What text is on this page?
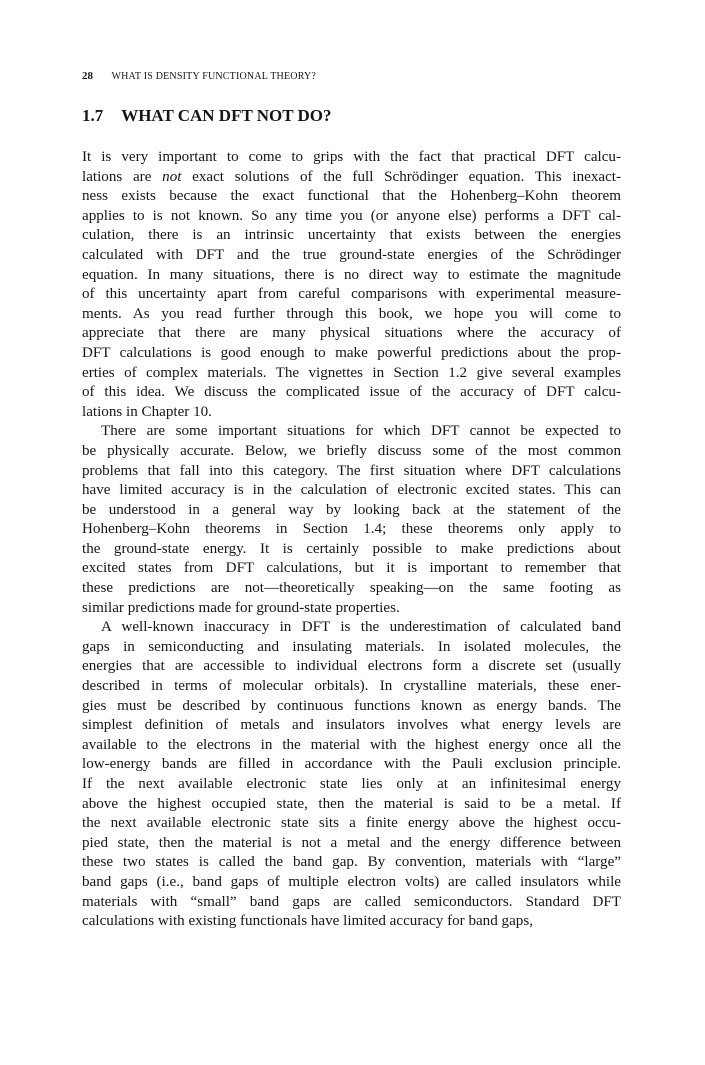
28 WHAT IS DENSITY FUNCTIONAL THEORY?
1.7 WHAT CAN DFT NOT DO?
It is very important to come to grips with the fact that practical DFT calcu-
lations are not exact solutions of the full Schrödinger equation. This inexact-
ness exists because the exact functional that the Hohenberg–Kohn theorem
applies to is not known. So any time you (or anyone else) performs a DFT cal-
culation, there is an intrinsic uncertainty that exists between the energies
calculated with DFT and the true ground-state energies of the Schrödinger
equation. In many situations, there is no direct way to estimate the magnitude
of this uncertainty apart from careful comparisons with experimental measure-
ments. As you read further through this book, we hope you will come to
appreciate that there are many physical situations where the accuracy of
DFT calculations is good enough to make powerful predictions about the prop-
erties of complex materials. The vignettes in Section 1.2 give several examples
of this idea. We discuss the complicated issue of the accuracy of DFT calcu-
lations in Chapter 10.
There are some important situations for which DFT cannot be expected to
be physically accurate. Below, we briefly discuss some of the most common
problems that fall into this category. The first situation where DFT calculations
have limited accuracy is in the calculation of electronic excited states. This can
be understood in a general way by looking back at the statement of the
Hohenberg–Kohn theorems in Section 1.4; these theorems only apply to
the ground-state energy. It is certainly possible to make predictions about
excited states from DFT calculations, but it is important to remember that
these predictions are not—theoretically speaking—on the same footing as
similar predictions made for ground-state properties.
A well-known inaccuracy in DFT is the underestimation of calculated band
gaps in semiconducting and insulating materials. In isolated molecules, the
energies that are accessible to individual electrons form a discrete set (usually
described in terms of molecular orbitals). In crystalline materials, these ener-
gies must be described by continuous functions known as energy bands. The
simplest definition of metals and insulators involves what energy levels are
available to the electrons in the material with the highest energy once all the
low-energy bands are filled in accordance with the Pauli exclusion principle.
If the next available electronic state lies only at an infinitesimal energy
above the highest occupied state, then the material is said to be a metal. If
the next available electronic state sits a finite energy above the highest occu-
pied state, then the material is not a metal and the energy difference between
these two states is called the band gap. By convention, materials with “large”
band gaps (i.e., band gaps of multiple electron volts) are called insulators while
materials with “small” band gaps are called semiconductors. Standard DFT
calculations with existing functionals have limited accuracy for band gaps,
